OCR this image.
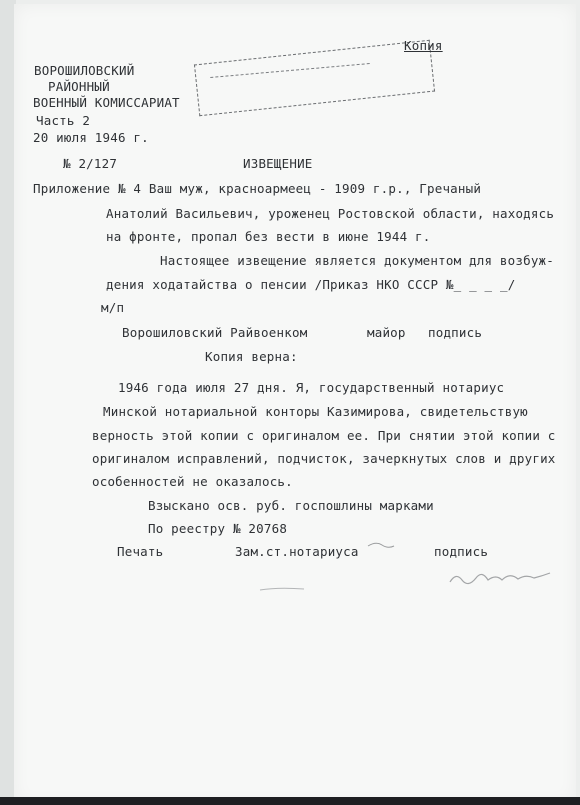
Копия
ВОРОШИЛОВСКИЙ
РАЙОННЫЙ
ВОЕННЫЙ КОМИССАРИАТ
Часть 2
20 июля 1946 г.
№ 2/127	ИЗВЕЩЕНИЕ
Приложение № 4 Ваш муж, красноармеец - 1909 г.р., Гречаный
Анатолий Васильевич, уроженец Ростовской области, находясь
на фронте, пропал без вести в июне 1944 г.
Настоящее извещение является документом для возбуж-
дения ходатайства о пенсии /Приказ НКО СССР №_ _ _ _/
м/п
Ворошиловский Райвоенком	майор подпись
Копия верна:
1946 года июля 27 дня. Я, государственный нотариус
Минской нотариальной конторы Казимирова, свидетельствую
верность этой копии с оригиналом ее. При снятии этой копии с
оригиналом исправлений, подчисток, зачеркнутых слов и других
особенностей не оказалось.
Взыскано осв. руб. госпошлины марками
По реестру № 20768
Печать	Зам.ст.нотариуса	подпись
